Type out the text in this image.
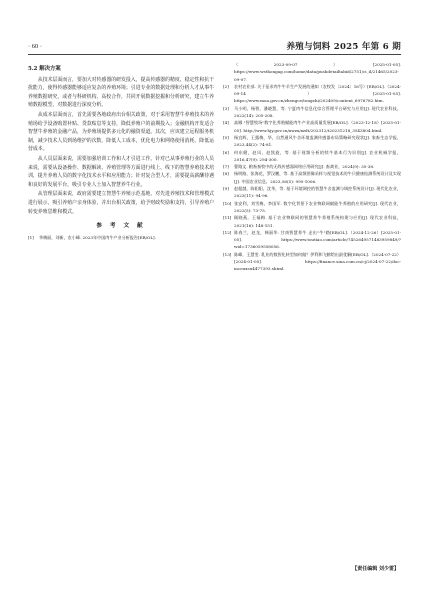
· 60 ·	养殖与饲料 2025 年第 6 期
5.2 解决方案

从技术层面而言，要加大对传感器的研发投入，提高传感器的精度、稳定性和抗干扰能力，使得传感器能够适应复杂的养殖环境；引进专业的数据处理和分析人才从事牛养殖数据研究，或者与科研机构、高校合作，共同开展数据挖掘和分析研究，建立牛养殖数据模型，对数据进行深度分析。

从成本层面而言，首先需要各地政府出台相关政策，对于采用智慧牛养殖技术的养殖场给予设备购置补贴、贷款贴息等支持，降低养殖户的前期投入；金融机构开发适合智慧牛养殖的金融产品，为养殖场提供多元化的融资渠道。其次，应该建立远程服务机制，减少技术人员到场维护的次数，降低人工成本，优化电力和网络使用消耗，降低运营成本。

从人员层面来说，需要加强培训工作和人才引进工作。针对已从事养殖行业的人员来说，需要从设备操作、数据解读、养殖管理等方面进行线上、线下的智慧养殖技术培训，提升养殖人员的数字化技术水平和应用能力；针对复合型人才，需要提高薪酬待遇和良好的发展平台，吸引专业人士加入智慧养牛行业。

从管理层面来说，政府需要建立智慧牛养殖示范基地，对先进养殖技术和管理模式进行展示，吸引养殖户亲身体验，并出台相关政策，给予财政奖励和支持，引导养殖户转变养殖思维和模式。

参 考 文 献
[1]	华梅丽，刘新，农小峰. 2023年中国肉牛产业分析报告[EB/OL].
（2023-09-07）[2025-01-05]. https://www.wsthongag.com/home/data/pushdetailtabid/2751/ci_il/21465/2023-09-07.
[2]	农村农业部. 关于征求肉牛牛羊生产发展的通知（农牧发〔2024〕16号）[EB/OL].（2024-09-14）[2025-01-05]. https://www.moa.gov.cn/zhengce/tongzhi/202409/content_6976782.htm.
[3]	马小明，杨智，潘晓慧，等. 宁夏肉牛信息化综合管理平台研究与应用[J]. 现代农业科技，2022(14): 205-208.
[4]	高娜."智慧牧场"数字化养殖赋能肉牛产业高质量发展[EB/OL].（2023-12-18）[2025-01-05]. http://www.hjy.gov.cn/xwzx/xzdt/202312/t20231218_3543804.html.
[5]	杨宜辉，王露梅，华，自然通风牛舍环境监测传感器布局策略研究现状[J]. 家畜生态学报，2023,44(2): 74-81.
[6]	何东健，赵凤，赵凯旋，等. 基于视频分析的犊牛基本行为识别[J]. 农业机械学报，2016,47(9): 294-300.
[7]	曹路文. 粮畜畜牧中的无线传感器网络应用研究[J]. 畜禽业，2024(9): 35-38.
[8]	杨明路，张海花，罗汉鹏，等. 基于高频图像采样与视觉技术的牛只健康检测系统设计及实现[J]. 中国农业信息，2023,56(5): 995-1006.
[9]	赵超越，陈阳阳，沈华，等. 基于环境调控的智慧牛舍监测与调控系统设计[J]. 现代化农业，2023(11): 94-96.
[10] 张安利，刘雪梅，李国军. 数字化背景下农业物联网赋能牛养殖的应用研究[J]. 现代农业，2022(5): 73-75.
[11] 顾晓燕，王福梅. 基于农业物联网的智慧养牛养殖系统构建与应用[J]. 现代农业科技，2021(16): 148-151.
[12] 陈春兰，赵龙，韩丽华. 甘南智慧养牛 走出"牛"路[EB/OL].（2024-12-26）[2025-01-05]. https://www.toutiao.com/article/7452649571483959849/?wid=1736059558056.
[13] 陈峰，王慧雯. 乳业的数智化转型如何做？伊利和飞鹤给出最优解[EB/OL].（2024-07-22）[2024-01-05]. https://finance.sina.com.cn/cj/2024-07-22/doc-inceuxcx4477393.shtml.
【责任编辑 刘少雷】
